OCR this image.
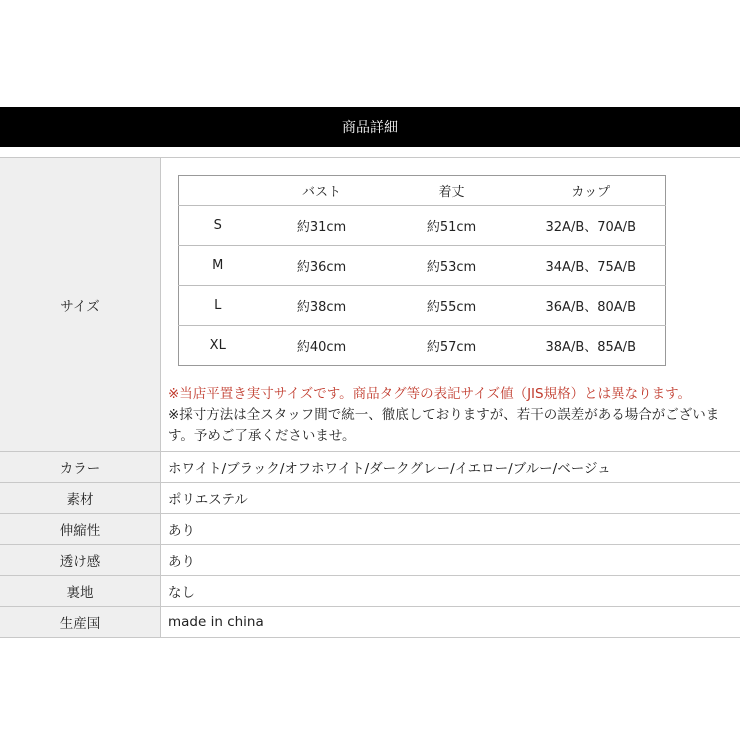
商品詳細
サイズ	
	バスト	着丈	カップ
S	約31cm	約51cm	32A/B、70A/B
M	約36cm	約53cm	34A/B、75A/B
L	約38cm	約55cm	36A/B、80A/B
XL	約40cm	約57cm	38A/B、85A/B
※当店平置き実寸サイズです。商品タグ等の表記サイズ値（JIS規格）とは異なります。
※採寸方法は全スタッフ間で統一、徹底しておりますが、若干の誤差がある場合がございます。予めご了承くださいませ。

カラー	ホワイト/ブラック/オフホワイト/ダークグレー/イエロー/ブルー/ベージュ
素材	ポリエステル
伸縮性	あり
透け感	あり
裏地	なし
生産国	made in china
